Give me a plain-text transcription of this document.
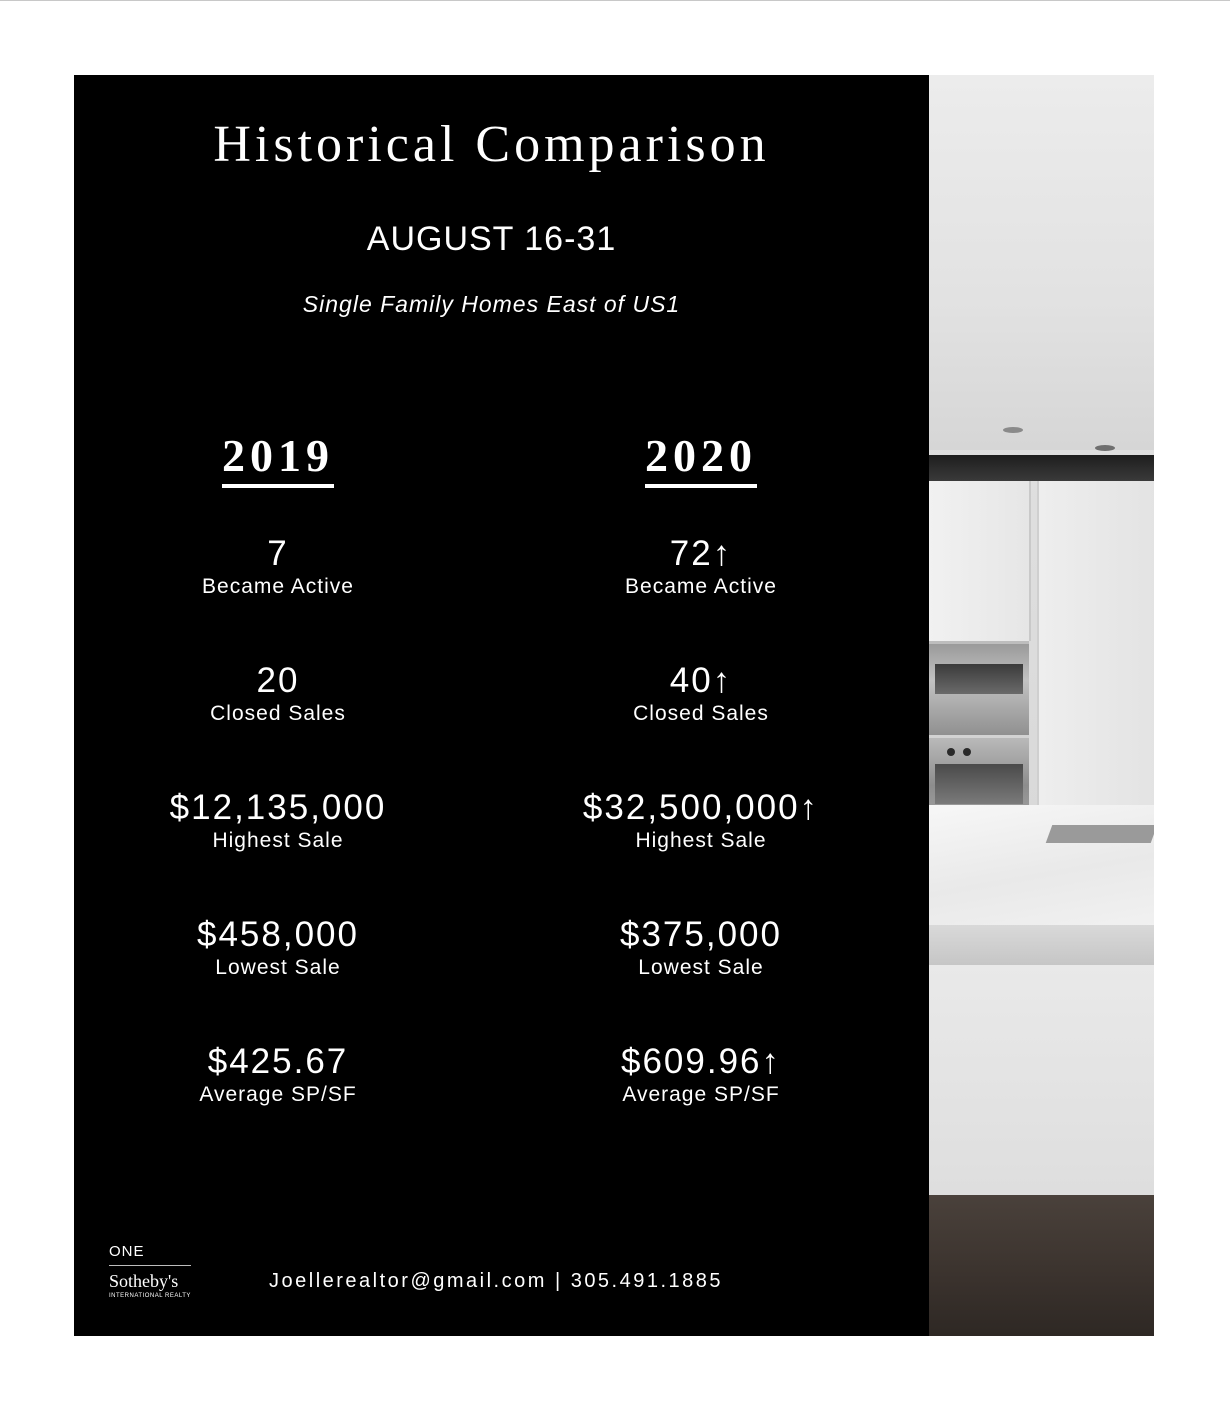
Historical Comparison
AUGUST 16-31
Single Family Homes East of US1
2019
7
Became Active
20
Closed Sales
$12,135,000
Highest Sale
$458,000
Lowest Sale
$425.67
Average SP/SF
2020
72↑
Became Active
40↑
Closed Sales
$32,500,000↑
Highest Sale
$375,000
Lowest Sale
$609.96↑
Average SP/SF
ONE
Sotheby's
INTERNATIONAL REALTY
Joellerealtor@gmail.com | 305.491.1885
